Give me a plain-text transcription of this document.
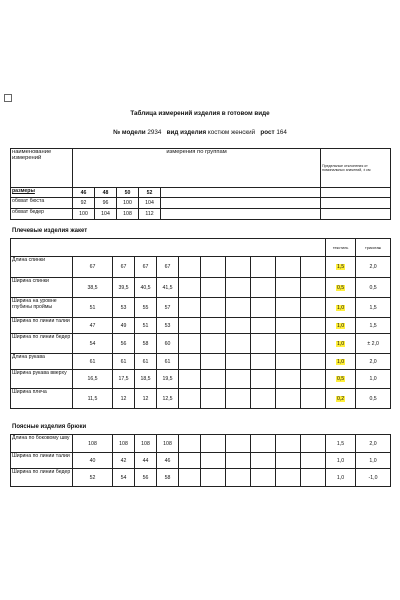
Таблица измерений изделия в готовом виде
№ модели 2934 вид изделия костюм женский рост 164
наименование измерений	измерения по группам					Предельные отклонения от номинальных значений, ± см
размеры	46	48	50	52		
обхват бюста	92	96	100	104		
обхват бедер	100	104	108	112		
Плечевые изделия жакет
											текстиль	трикотаж
Длина спинки	67	67	67	67							1,5	2,0
Ширина спинки	38,5	39,5	40,5	41,5							0,5	0,5
Ширина на уровне глубины проймы	51	53	55	57							1,0	1,5
Ширина по линии талии	47	49	51	53							1,0	1,5
Ширина по линии бедер	54	56	58	60							1,0	± 2,0
Длина рукава	61	61	61	61							1,0	2,0
Ширина рукава вверху	16,5	17,5	18,5	19,5							0,5	1,0
Ширина плеча	11,5	12	12	12,5							0,2	0,5
Поясные изделия брюки
Длина по боковому шву	108	108	108	108							1,5	2,0
Ширина по линии талии	40	42	44	46							1,0	1,0
Ширина по линии бедер	52	54	56	58							1,0	-1,0
